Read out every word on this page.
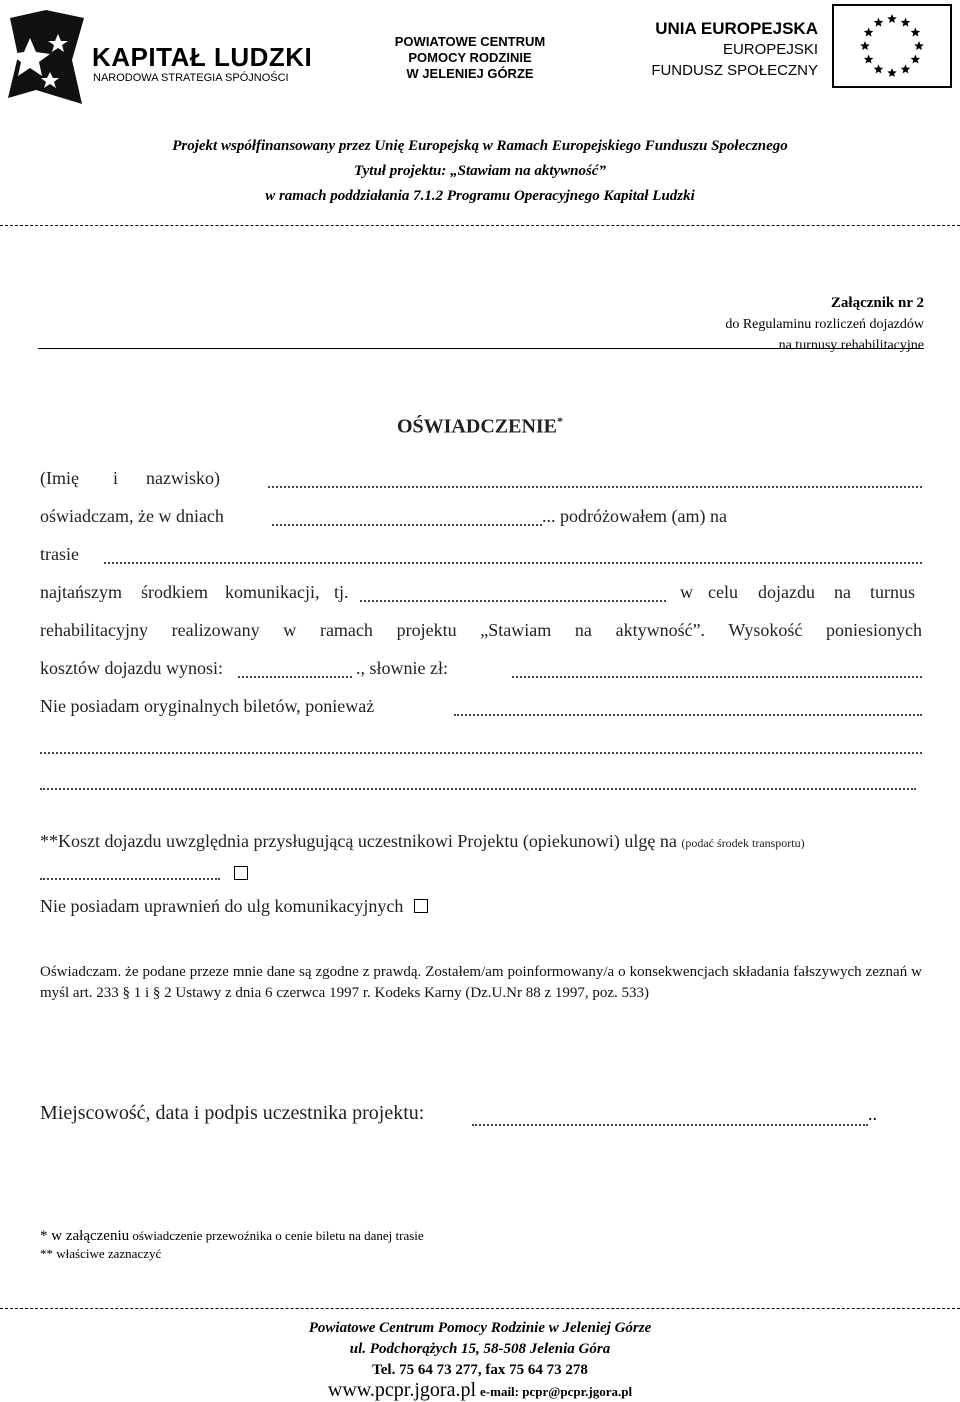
KAPITAŁ LUDZKI
NARODOWA STRATEGIA SPÓJNOŚCI
POWIATOWE CENTRUM
POMOCY RODZINIE
W JELENIEJ GÓRZE
UNIA EUROPEJSKA
EUROPEJSKI
FUNDUSZ SPOŁECZNY
Projekt współfinansowany przez Unię Europejską w Ramach Europejskiego Funduszu Społecznego
Tytuł projektu: „Stawiam na aktywność”
w ramach poddziałania 7.1.2 Programu Operacyjnego Kapitał Ludzki
Załącznik nr 2
do Regulaminu rozliczeń dojazdów
na turnusy rehabilitacyjne
OŚWIADCZENIE*
(Imię i nazwisko)
oświadczam, że w dniach	... podróżowałem (am) na
trasie
najtańszym środkiem komunikacji, tj.	w celu dojazdu na turnus
rehabilitacyjny realizowany w ramach projektu „Stawiam na aktywność”. Wysokość poniesionych
kosztów dojazdu wynosi:	., słownie zł:
Nie posiadam oryginalnych biletów, ponieważ
**Koszt dojazdu uwzględnia przysługującą uczestnikowi Projektu (opiekunowi) ulgę na (podać środek transportu)
Nie posiadam uprawnień do ulg komunikacyjnych
Oświadczam. że podane przeze mnie dane są zgodne z prawdą. Zostałem/am poinformowany/a o konsekwencjach składania fałszywych zeznań w myśl art. 233 § 1 i § 2 Ustawy z dnia 6 czerwca 1997 r. Kodeks Karny (Dz.U.Nr 88 z 1997, poz. 533)
Miejscowość, data i podpis uczestnika projektu:	..
* w załączeniu oświadczenie przewoźnika o cenie biletu na danej trasie
** właściwe zaznaczyć
Powiatowe Centrum Pomocy Rodzinie w Jeleniej Górze
ul. Podchorążych 15, 58-508 Jelenia Góra
Tel. 75 64 73 277, fax 75 64 73 278
www.pcpr.jgora.pl e-mail: pcpr@pcpr.jgora.pl
